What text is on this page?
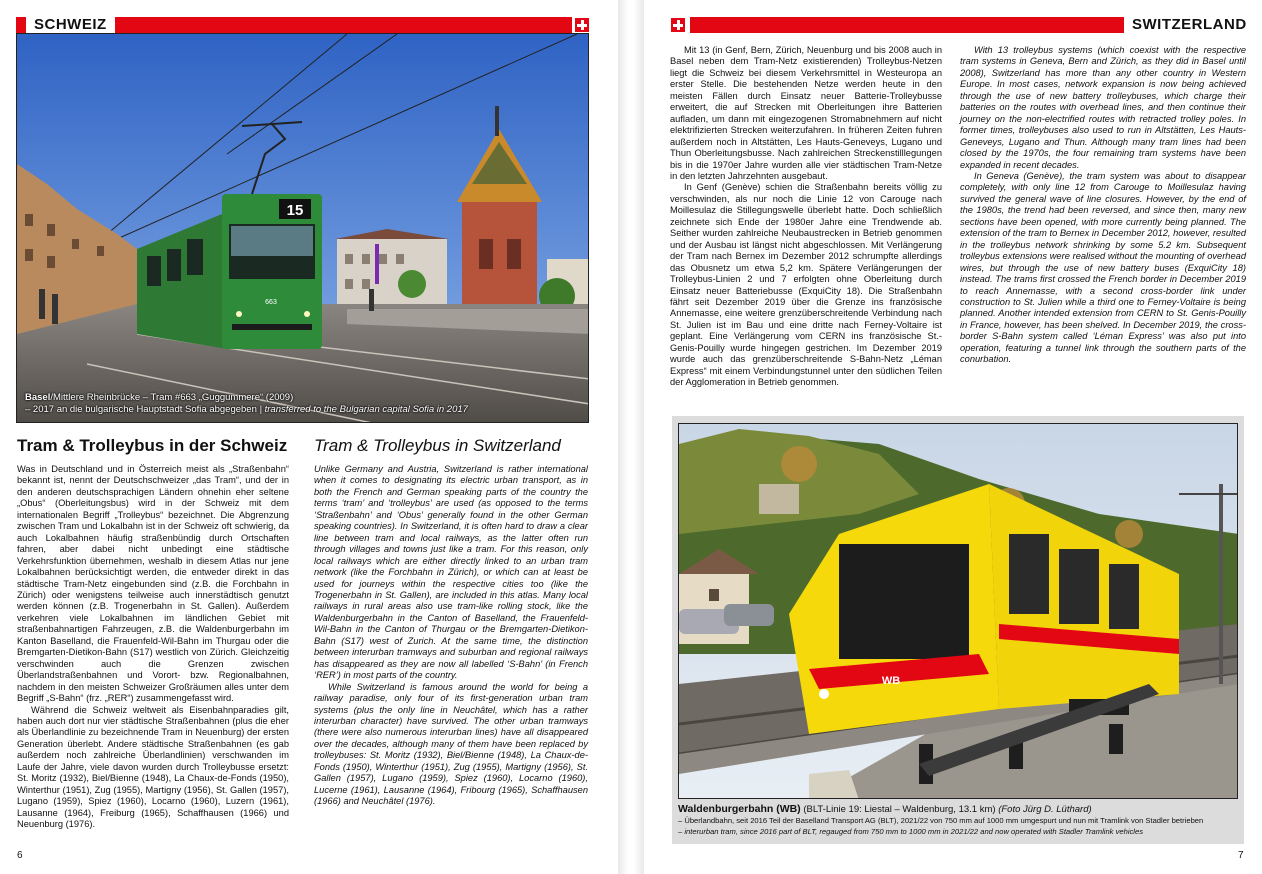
SCHWEIZ
15
663
Basel/Mittlere Rheinbrücke – Tram #663 „Guggummere“ (2009)
– 2017 an die bulgarische Hauptstadt Sofia abgegeben | transferred to the Bulgarian capital Sofia in 2017
Tram & Trolleybus in der Schweiz Tram & Trolleybus in Switzerland

Was in Deutschland und in Österreich meist als „Straßenbahn“ bekannt ist, nennt der Deutschschweizer „das Tram“, und der in den anderen deutschsprachigen Ländern ohnehin eher seltene „Obus“ (Oberleitungsbus) wird in der Schweiz mit dem internationalen Begriff „Trolleybus“ bezeichnet. Die Abgrenzung zwischen Tram und Lokalbahn ist in der Schweiz oft schwierig, da auch Lokalbahnen häufig straßenbündig durch Ortschaften fahren, aber dabei nicht unbedingt eine städtische Verkehrsfunktion übernehmen, weshalb in diesem Atlas nur jene Lokalbahnen berücksichtigt werden, die entweder direkt in das städtische Tram-Netz eingebunden sind (z.B. die Forchbahn in Zürich) oder wenigstens teilweise auch innerstädtisch genutzt werden können (z.B. Trogenerbahn in St. Gallen). Außerdem verkehren viele Lokalbahnen im ländlichen Gebiet mit straßenbahnartigen Fahrzeugen, z.B. die Waldenburgerbahn im Kanton Baselland, die Frauenfeld-Wil-Bahn im Thurgau oder die Bremgarten-Dietikon-Bahn (S17) westlich von Zürich. Gleichzeitig verschwinden auch die Grenzen zwischen Überlandstraßenbahnen und Vorort- bzw. Regionalbahnen, nachdem in den meisten Schweizer Großräumen alles unter dem Begriff „S-Bahn“ (frz. „RER“) zusammengefasst wird.

Während die Schweiz weltweit als Eisenbahnparadies gilt, haben auch dort nur vier städtische Straßenbahnen (plus die eher als Überlandlinie zu bezeichnende Tram in Neuenburg) der ersten Generation überlebt. Andere städtische Straßenbahnen (es gab außerdem noch zahlreiche Überlandlinien) verschwanden im Laufe der Jahre, viele davon wurden durch Trolleybusse ersetzt: St. Moritz (1932), Biel/Bienne (1948), La Chaux-de-Fonds (1950), Winterthur (1951), Zug (1955), Martigny (1956), St. Gallen (1957), Lugano (1959), Spiez (1960), Locarno (1960), Luzern (1961), Lausanne (1964), Freiburg (1965), Schaffhausen (1966) und Neuenburg (1976).

Unlike Germany and Austria, Switzerland is rather international when it comes to designating its electric urban transport, as in both the French and German speaking parts of the country the terms ‘tram’ and ‘trolleybus’ are used (as opposed to the terms ‘Straßenbahn’ and ‘Obus’ generally found in the other German speaking countries). In Switzerland, it is often hard to draw a clear line between tram and local railways, as the latter often run through villages and towns just like a tram. For this reason, only local railways which are either directly linked to an urban tram network (like the Forchbahn in Zürich), or which can at least be used for journeys within the respective cities too (like the Trogenerbahn in St. Gallen), are included in this atlas. Many local railways in rural areas also use tram-like rolling stock, like the Waldenburgerbahn in the Canton of Baselland, the Frauenfeld-Wil-Bahn in the Canton of Thurgau or the Bremgarten-Dietikon-Bahn (S17) west of Zurich. At the same time, the distinction between interurban tramways and suburban and regional railways has disappeared as they are now all labelled ‘S-Bahn’ (in French ‘RER’) in most parts of the country.

While Switzerland is famous around the world for being a railway paradise, only four of its first-generation urban tram systems (plus the only line in Neuchâtel, which has a rather interurban character) have survived. The other urban tramways (there were also numerous interurban lines) have all disappeared over the decades, although many of them have been replaced by trolleybuses: St. Moritz (1932), Biel/Bienne (1948), La Chaux-de-Fonds (1950), Winterthur (1951), Zug (1955), Martigny (1956), St. Gallen (1957), Lugano (1959), Spiez (1960), Locarno (1960), Lucerne (1961), Lausanne (1964), Fribourg (1965), Schaffhausen (1966) and Neuchâtel (1976).

6
SWITZERLAND

Mit 13 (in Genf, Bern, Zürich, Neuenburg und bis 2008 auch in Basel neben dem Tram-Netz existierenden) Trolleybus-Netzen liegt die Schweiz bei diesem Verkehrsmittel in Westeuropa an erster Stelle. Die bestehenden Netze werden heute in den meisten Fällen durch Einsatz neuer Batterie-Trolleybusse erweitert, die auf Strecken mit Oberleitungen ihre Batterien aufladen, um dann mit eingezogenen Stromabnehmern auf nicht elektrifizierten Strecken weiterzufahren. In früheren Zeiten fuhren außerdem noch in Altstätten, Les Hauts-Geneveys, Lugano und Thun Oberleitungsbusse. Nach zahlreichen Streckenstilllegungen bis in die 1970er Jahre wurden alle vier städtischen Tram-Netze in den letzten Jahrzehnten ausgebaut.

In Genf (Genève) schien die Straßenbahn bereits völlig zu verschwinden, als nur noch die Linie 12 von Carouge nach Moillesulaz die Stillegungswelle überlebt hatte. Doch schließlich zeichnete sich Ende der 1980er Jahre eine Trendwende ab. Seither wurden zahlreiche Neubaustrecken in Betrieb genommen und der Ausbau ist längst nicht abgeschlossen. Mit Verlängerung der Tram nach Bernex im Dezember 2012 schrumpfte allerdings das Obusnetz um etwa 5,2 km. Spätere Verlängerungen der Trolleybus-Linien 2 und 7 erfolgten ohne Oberleitung durch Einsatz neuer Batteriebusse (ExquiCity 18). Die Straßenbahn fährt seit Dezember 2019 über die Grenze ins französische Annemasse, eine weitere grenzüberschreitende Verbindung nach St. Julien ist im Bau und eine dritte nach Ferney-Voltaire ist geplant. Eine Verlängerung vom CERN ins französische St.-Genis-Pouilly wurde hingegen gestrichen. Im Dezember 2019 wurde auch das grenzüberschreitende S-Bahn-Netz „Léman Express“ mit einem Verbindungstunnel unter den südlichen Teilen der Agglomeration in Betrieb genommen.

With 13 trolleybus systems (which coexist with the respective tram systems in Geneva, Bern and Zürich, as they did in Basel until 2008), Switzerland has more than any other country in Western Europe. In most cases, network expansion is now being achieved through the use of new battery trolleybuses, which charge their batteries on the routes with overhead lines, and then continue their journey on the non-electrified routes with retracted trolley poles. In former times, trolleybuses also used to run in Altstätten, Les Hauts-Geneveys, Lugano and Thun. Although many tram lines had been closed by the 1970s, the four remaining tram systems have been expanded in recent decades.

In Geneva (Genève), the tram system was about to disappear completely, with only line 12 from Carouge to Moillesulaz having survived the general wave of line closures. However, by the end of the 1980s, the trend had been reversed, and since then, many new sections have been opened, with more currently being planned. The extension of the tram to Bernex in December 2012, however, resulted in the trolleybus network shrinking by some 5.2 km. Subsequent trolleybus extensions were realised without the mounting of overhead wires, but through the use of new battery buses (ExquiCity 18) instead. The trams first crossed the French border in December 2019 to reach Annemasse, with a second cross-border link under construction to St. Julien while a third one to Ferney-Voltaire is being planned. Another intended extension from CERN to St. Genis-Pouilly in France, however, has been shelved. In December 2019, the cross-border S-Bahn system called ‘Léman Express’ was also put into operation, featuring a tunnel link through the southern parts of the conurbation.

WB
Waldenburgerbahn (WB) (BLT-Linie 19: Liestal – Waldenburg, 13.1 km) (Foto Jürg D. Lüthard)
– Überlandbahn, seit 2016 Teil der Baselland Transport AG (BLT), 2021/22 von 750 mm auf 1000 mm umgespurt und nun mit Tramlink von Stadler betrieben
– interurban tram, since 2016 part of BLT, regauged from 750 mm to 1000 mm in 2021/22 and now operated with Stadler Tramlink vehicles
7
